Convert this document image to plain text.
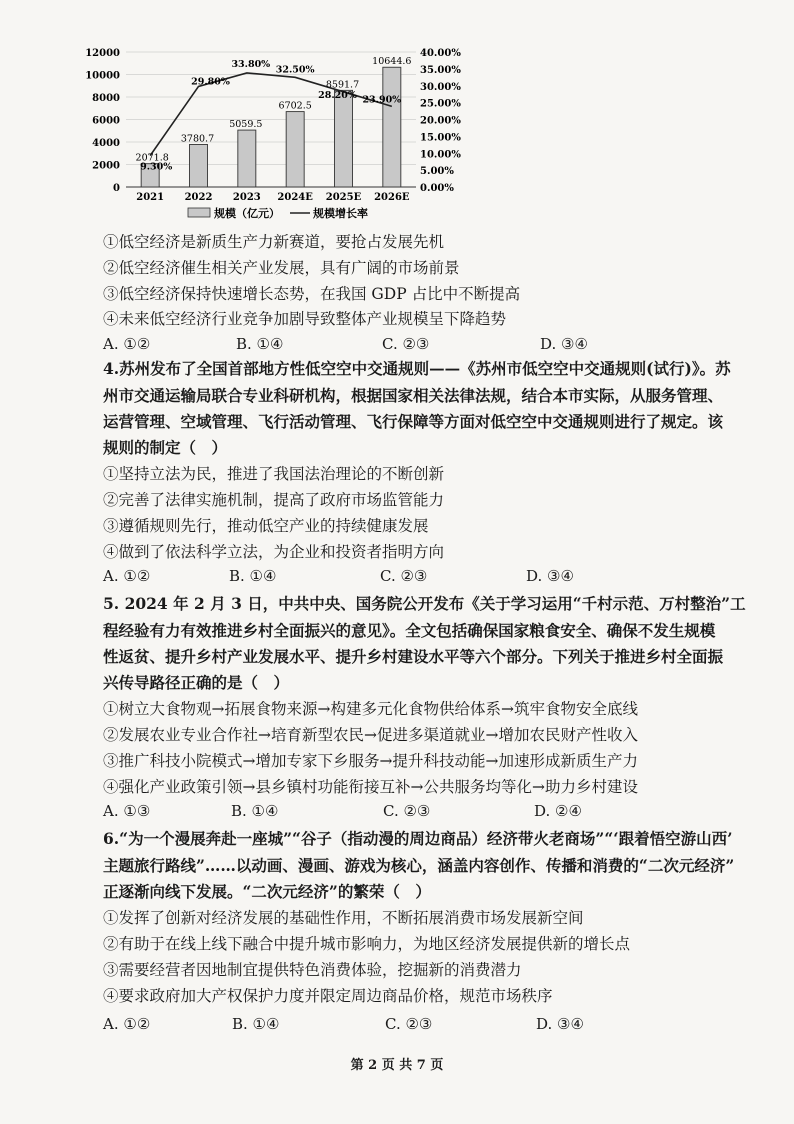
2071.8
3780.7
5059.5
6702.5
8591.7
10644.6
9.30%
29.80%
33.80% 32.50%
28.20% 23.90%
0
2000
4000
6000
8000
10000
12000
0.00%
5.00%
10.00%
15.00%
20.00%
25.00%
30.00%
35.00%
40.00%
2021 2022 2023 2024E 2025E 2026E
规模（亿元）	规模增长率
①低空经济是新质生产力新赛道，要抢占发展先机
②低空经济催生相关产业发展，具有广阔的市场前景
③低空经济保持快速增长态势，在我国 GDP 占比中不断提高
④未来低空经济行业竞争加剧导致整体产业规模呈下降趋势
A. ①②	B. ①④	C. ②③	D. ③④
4.苏州发布了全国首部地方性低空空中交通规则——《苏州市低空空中交通规则(试行)》。苏
州市交通运输局联合专业科研机构，根据国家相关法律法规，结合本市实际，从服务管理、
运营管理、空域管理、飞行活动管理、飞行保障等方面对低空空中交通规则进行了规定。该
规则的制定（　）
①坚持立法为民，推进了我国法治理论的不断创新
②完善了法律实施机制，提高了政府市场监管能力
③遵循规则先行，推动低空产业的持续健康发展
④做到了依法科学立法，为企业和投资者指明方向
A. ①②	B. ①④	C. ②③	D. ③④
5. 2024 年 2 月 3 日，中共中央、国务院公开发布《关于学习运用“千村示范、万村整治”工
程经验有力有效推进乡村全面振兴的意见》。全文包括确保国家粮食安全、确保不发生规模
性返贫、提升乡村产业发展水平、提升乡村建设水平等六个部分。下列关于推进乡村全面振
兴传导路径正确的是（　）
①树立大食物观→拓展食物来源→构建多元化食物供给体系→筑牢食物安全底线
②发展农业专业合作社→培育新型农民→促进多渠道就业→增加农民财产性收入
③推广科技小院模式→增加专家下乡服务→提升科技动能→加速形成新质生产力
④强化产业政策引领→县乡镇村功能衔接互补→公共服务均等化→助力乡村建设
A. ①③	B. ①④	C. ②③	D. ②④
6.“为一个漫展奔赴一座城”“谷子（指动漫的周边商品）经济带火老商场”“‘跟着悟空游山西’
主题旅行路线”……以动画、漫画、游戏为核心，涵盖内容创作、传播和消费的“二次元经济”
正逐渐向线下发展。“二次元经济”的繁荣（　）
①发挥了创新对经济发展的基础性作用，不断拓展消费市场发展新空间
②有助于在线上线下融合中提升城市影响力，为地区经济发展提供新的增长点
③需要经营者因地制宜提供特色消费体验，挖掘新的消费潜力
④要求政府加大产权保护力度并限定周边商品价格，规范市场秩序
A. ①②	B. ①④	C. ②③	D. ③④
第 2 页 共 7 页
